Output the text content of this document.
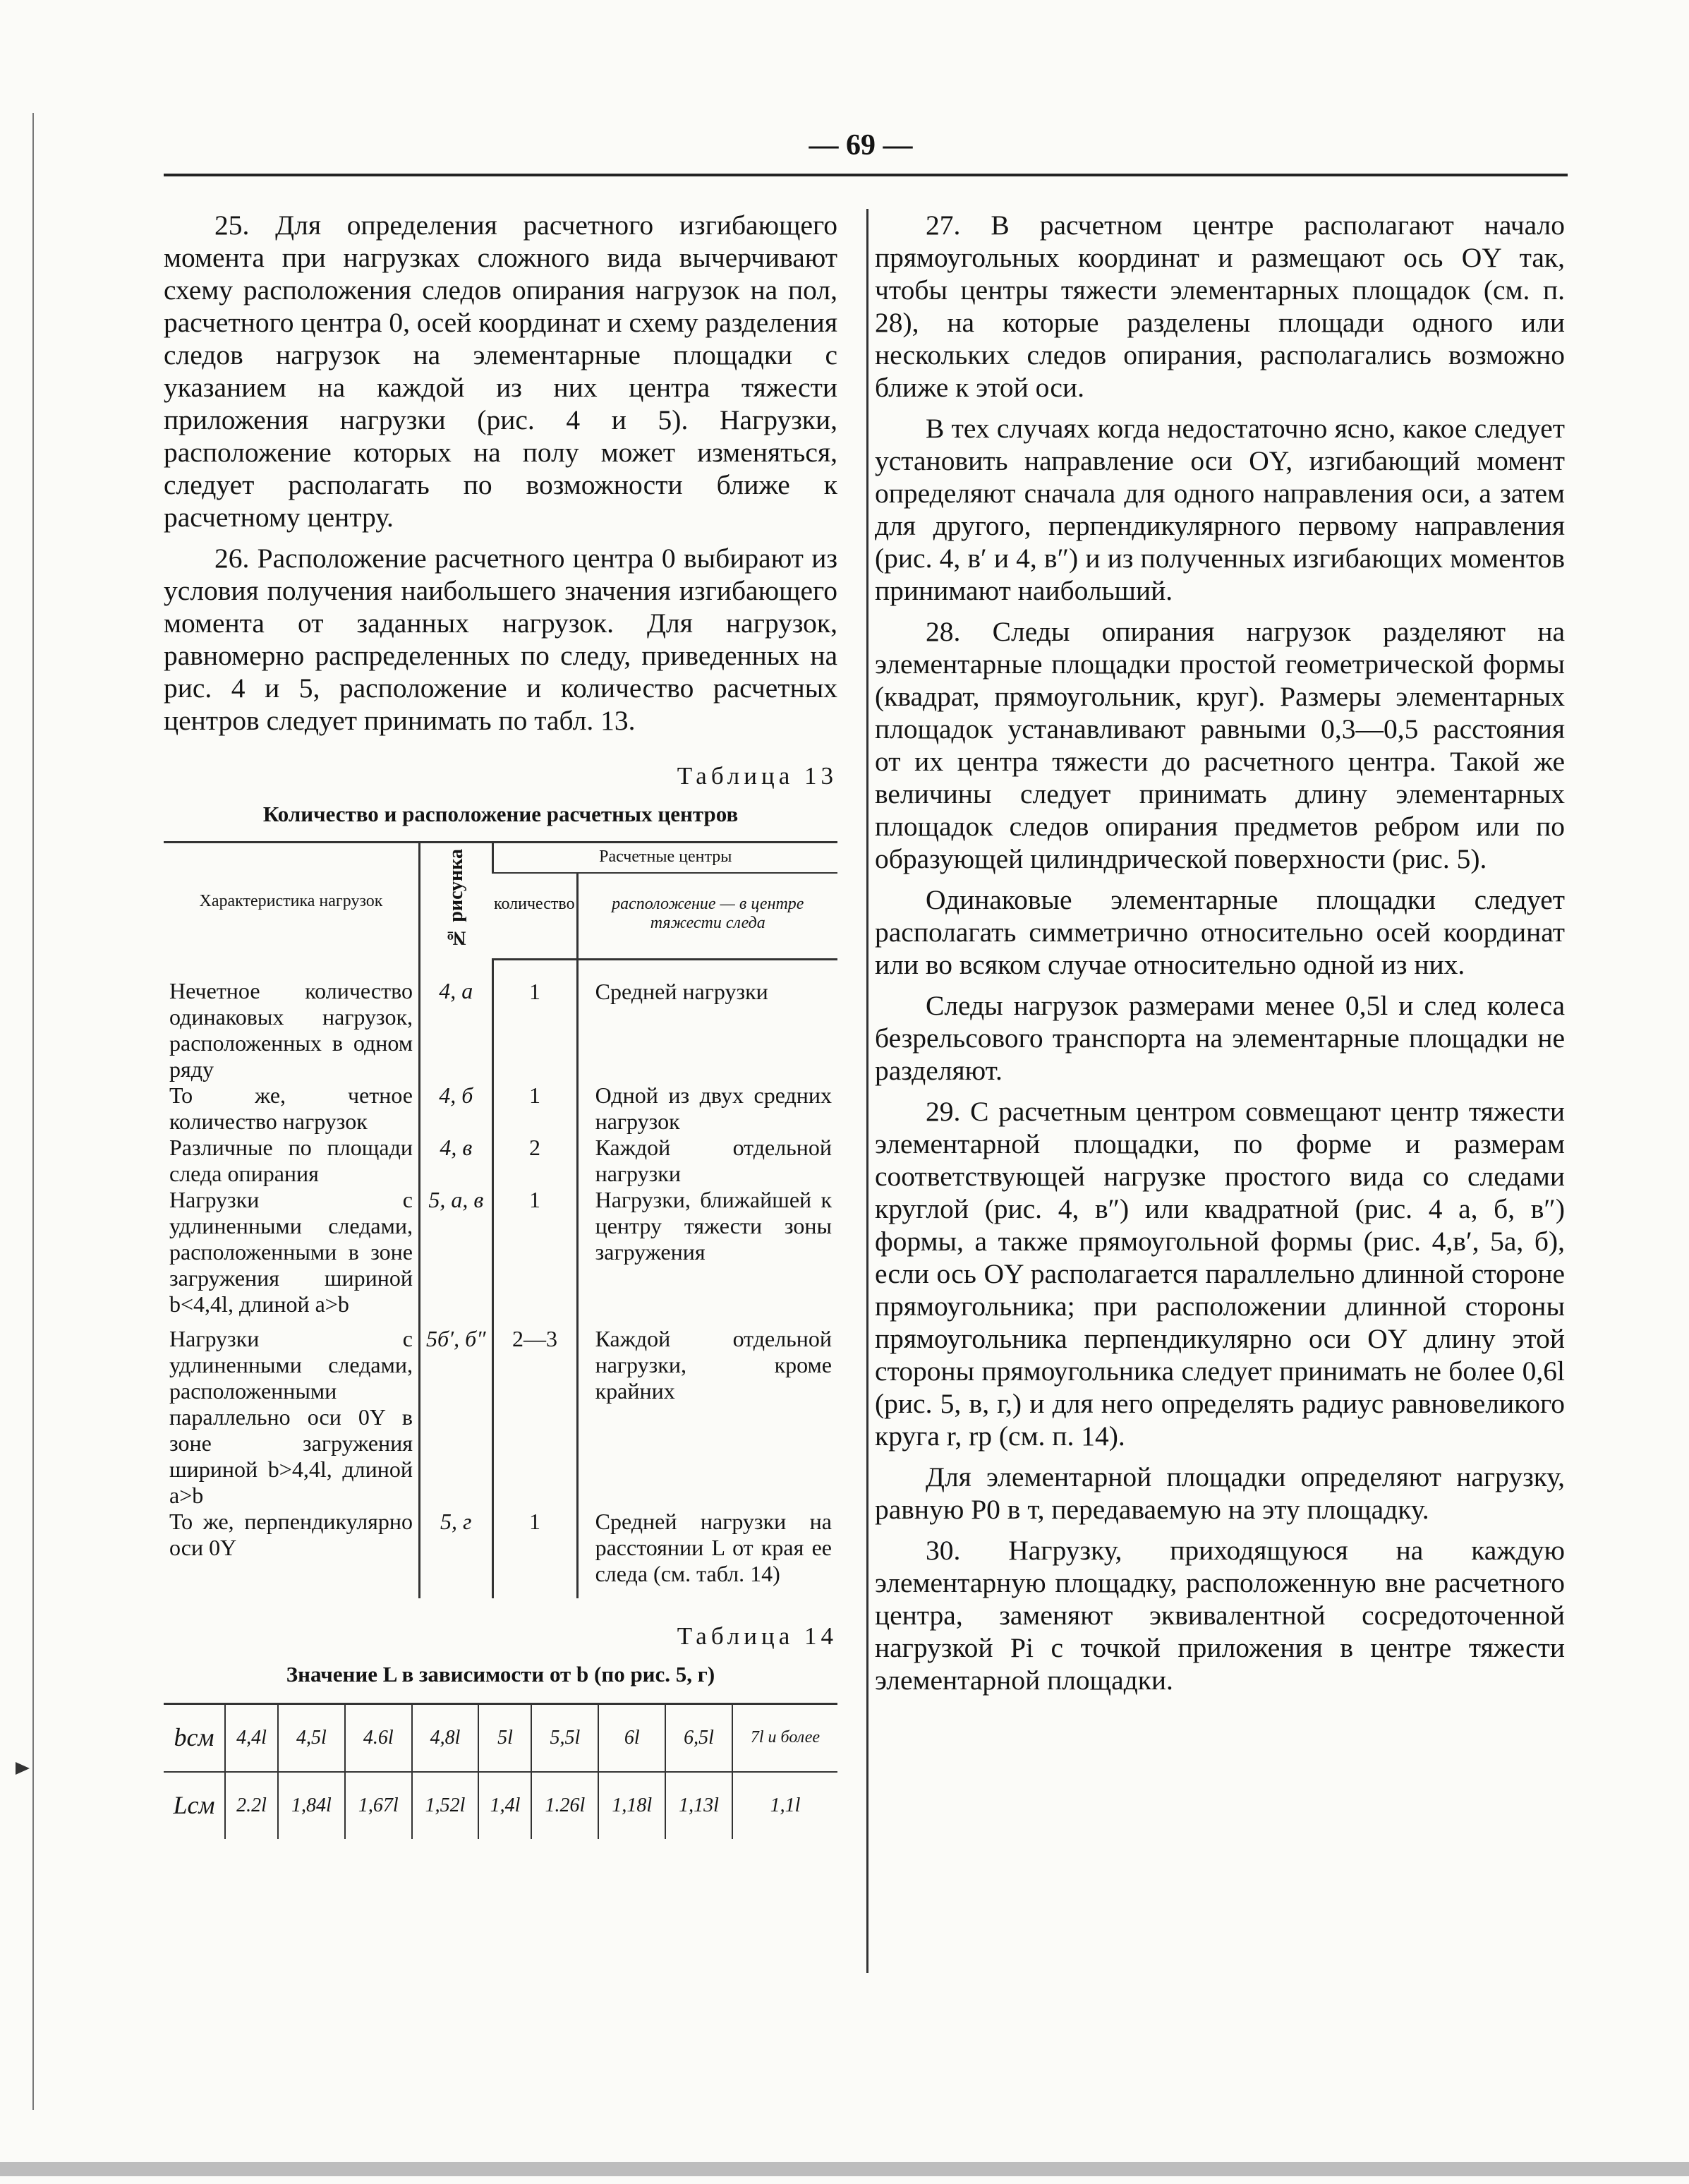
— 69 —

25. Для определения расчетного изгибающего момента при нагрузках сложного вида вычерчивают схему расположения следов опирания нагрузок на пол, расчетного центра 0, осей координат и схему разделения следов нагрузок на элементарные площадки с указанием на каждой из них центра тяжести приложения нагрузки (рис. 4 и 5). Нагрузки, расположение которых на полу может изменяться, следует располагать по возможности ближе к расчетному центру.

26. Расположение расчетного центра 0 выбирают из условия получения наибольшего значения изгибающего момента от заданных нагрузок. Для нагрузок, равномерно распределенных по следу, приведенных на рис. 4 и 5, расположение и количество расчетных центров следует принимать по табл. 13.

Таблица 13
Количество и расположение расчетных центров
Характеристика нагрузок	№ рисунка	Расчетные центры	
		количество	расположение — в центре тяжести следа
Нечетное количество одинаковых нагрузок, расположенных в одном ряду	4, а	1	Средней нагрузки
То же, четное количество нагрузок	4, б	1	Одной из двух средних нагрузок
Различные по площади следа опирания	4, в	2	Каждой отдельной нагрузки
Нагрузки с удлиненными следами, расположенными в зоне загружения шириной b<4,4l, длиной a>b	5, а, в	1	Нагрузки, ближайшей к центру тяжести зоны загружения
Нагрузки с удлиненными следами, расположенными параллельно оси 0Y в зоне загружения шириной b>4,4l, длиной a>b	5б′, б″	2—3	Каждой отдельной нагрузки, кроме крайних
То же, перпендикулярно оси 0Y	5, г	1	Средней нагрузки на расстоянии L от края ее следа (см. табл. 14)
Таблица 14
Значение L в зависимости от b (по рис. 5, г)
bсм	4,4l	4,5l	4.6l	4,8l	5l	5,5l	6l	6,5l	7l и более
Lсм	2.2l	1,84l	1,67l	1,52l	1,4l	1.26l	1,18l	1,13l	1,1l

27. В расчетном центре располагают начало прямоугольных координат и размещают ось OY так, чтобы центры тяжести элементарных площадок (см. п. 28), на которые разделены площади одного или нескольких следов опирания, располагались возможно ближе к этой оси.

В тех случаях когда недостаточно ясно, какое следует установить направление оси OY, изгибающий момент определяют сначала для одного направления оси, а затем для другого, перпендикулярного первому направления (рис. 4, в′ и 4, в″) и из полученных изгибающих моментов принимают наибольший.

28. Следы опирания нагрузок разделяют на элементарные площадки простой геометрической формы (квадрат, прямоугольник, круг). Размеры элементарных площадок устанавливают равными 0,3—0,5 расстояния от их центра тяжести до расчетного центра. Такой же величины следует принимать длину элементарных площадок следов опирания предметов ребром или по образующей цилиндрической поверхности (рис. 5).

Одинаковые элементарные площадки следует располагать симметрично относительно осей координат или во всяком случае относительно одной из них.

Следы нагрузок размерами менее 0,5l и след колеса безрельсового транспорта на элементарные площадки не разделяют.

29. С расчетным центром совмещают центр тяжести элементарной площадки, по форме и размерам соответствующей нагрузке простого вида со следами круглой (рис. 4, в″) или квадратной (рис. 4 а, б, в″) формы, а также прямоугольной формы (рис. 4,в′, 5а, б), если ось OY располагается параллельно длинной стороне прямоугольника; при расположении длинной стороны прямоугольника перпендикулярно оси OY длину этой стороны прямоугольника следует принимать не более 0,6l (рис. 5, в, г,) и для него определять радиус равновеликого круга r, rр (см. п. 14).

Для элементарной площадки определяют нагрузку, равную P0 в т, передаваемую на эту площадку.

30. Нагрузку, приходящуюся на каждую элементарную площадку, расположенную вне расчетного центра, заменяют эквивалентной сосредоточенной нагрузкой Pi с точкой приложения в центре тяжести элементарной площадки.
